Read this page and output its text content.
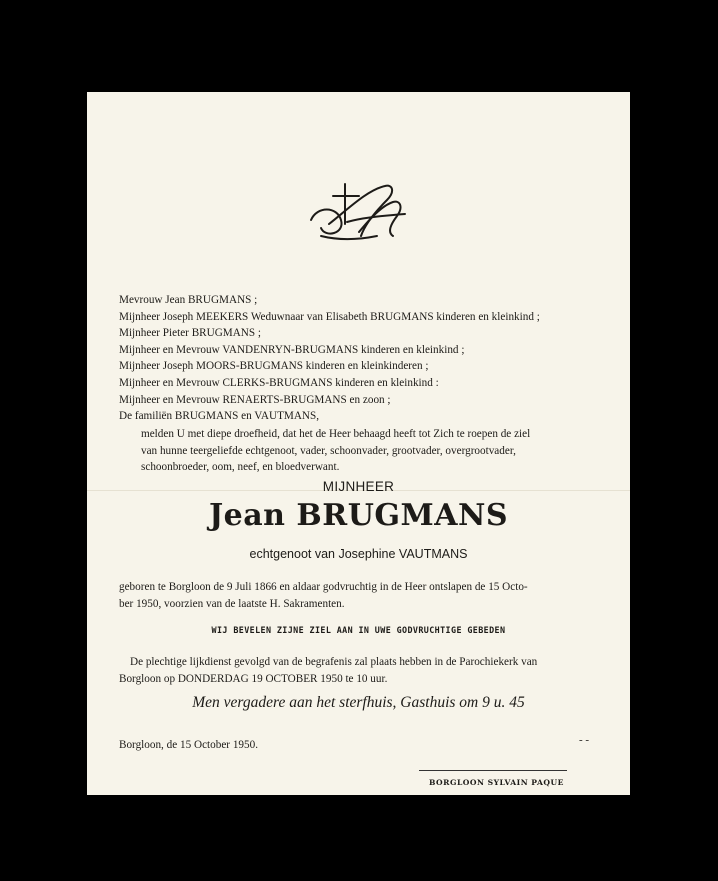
Mevrouw Jean BRUGMANS ;
Mijnheer Joseph MEEKERS Weduwnaar van Elisabeth BRUGMANS kinderen en kleinkind ;
Mijnheer Pieter BRUGMANS ;
Mijnheer en Mevrouw VANDENRYN-BRUGMANS kinderen en kleinkind ;
Mijnheer Joseph MOORS-BRUGMANS kinderen en kleinkinderen ;
Mijnheer en Mevrouw CLERKS-BRUGMANS kinderen en kleinkind :
Mijnheer en Mevrouw RENAERTS-BRUGMANS en zoon ;
De familiën BRUGMANS en VAUTMANS,
melden U met diepe droefheid, dat het de Heer behaagd heeft tot Zich te roepen de ziel
van hunne teergeliefde echtgenoot, vader, schoonvader, grootvader, overgrootvader,
schoonbroeder, oom, neef, en bloedverwant.
MIJNHEER
Jean BRUGMANS
echtgenoot van Josephine VAUTMANS
geboren te Borgloon de 9 Juli 1866 en aldaar godvruchtig in de Heer ontslapen de 15 Octo-
ber 1950, voorzien van de laatste H. Sakramenten.
WIJ BEVELEN ZIJNE ZIEL AAN IN UWE GODVRUCHTIGE GEBEDEN
De plechtige lijkdienst gevolgd van de begrafenis zal plaats hebben in de Parochiekerk van
Borgloon op DONDERDAG 19 OCTOBER 1950 te 10 uur.
Men vergadere aan het sterfhuis, Gasthuis om 9 u. 45
Borgloon, de 15 October 1950.	- -
BORGLOON SYLVAIN PAQUE
